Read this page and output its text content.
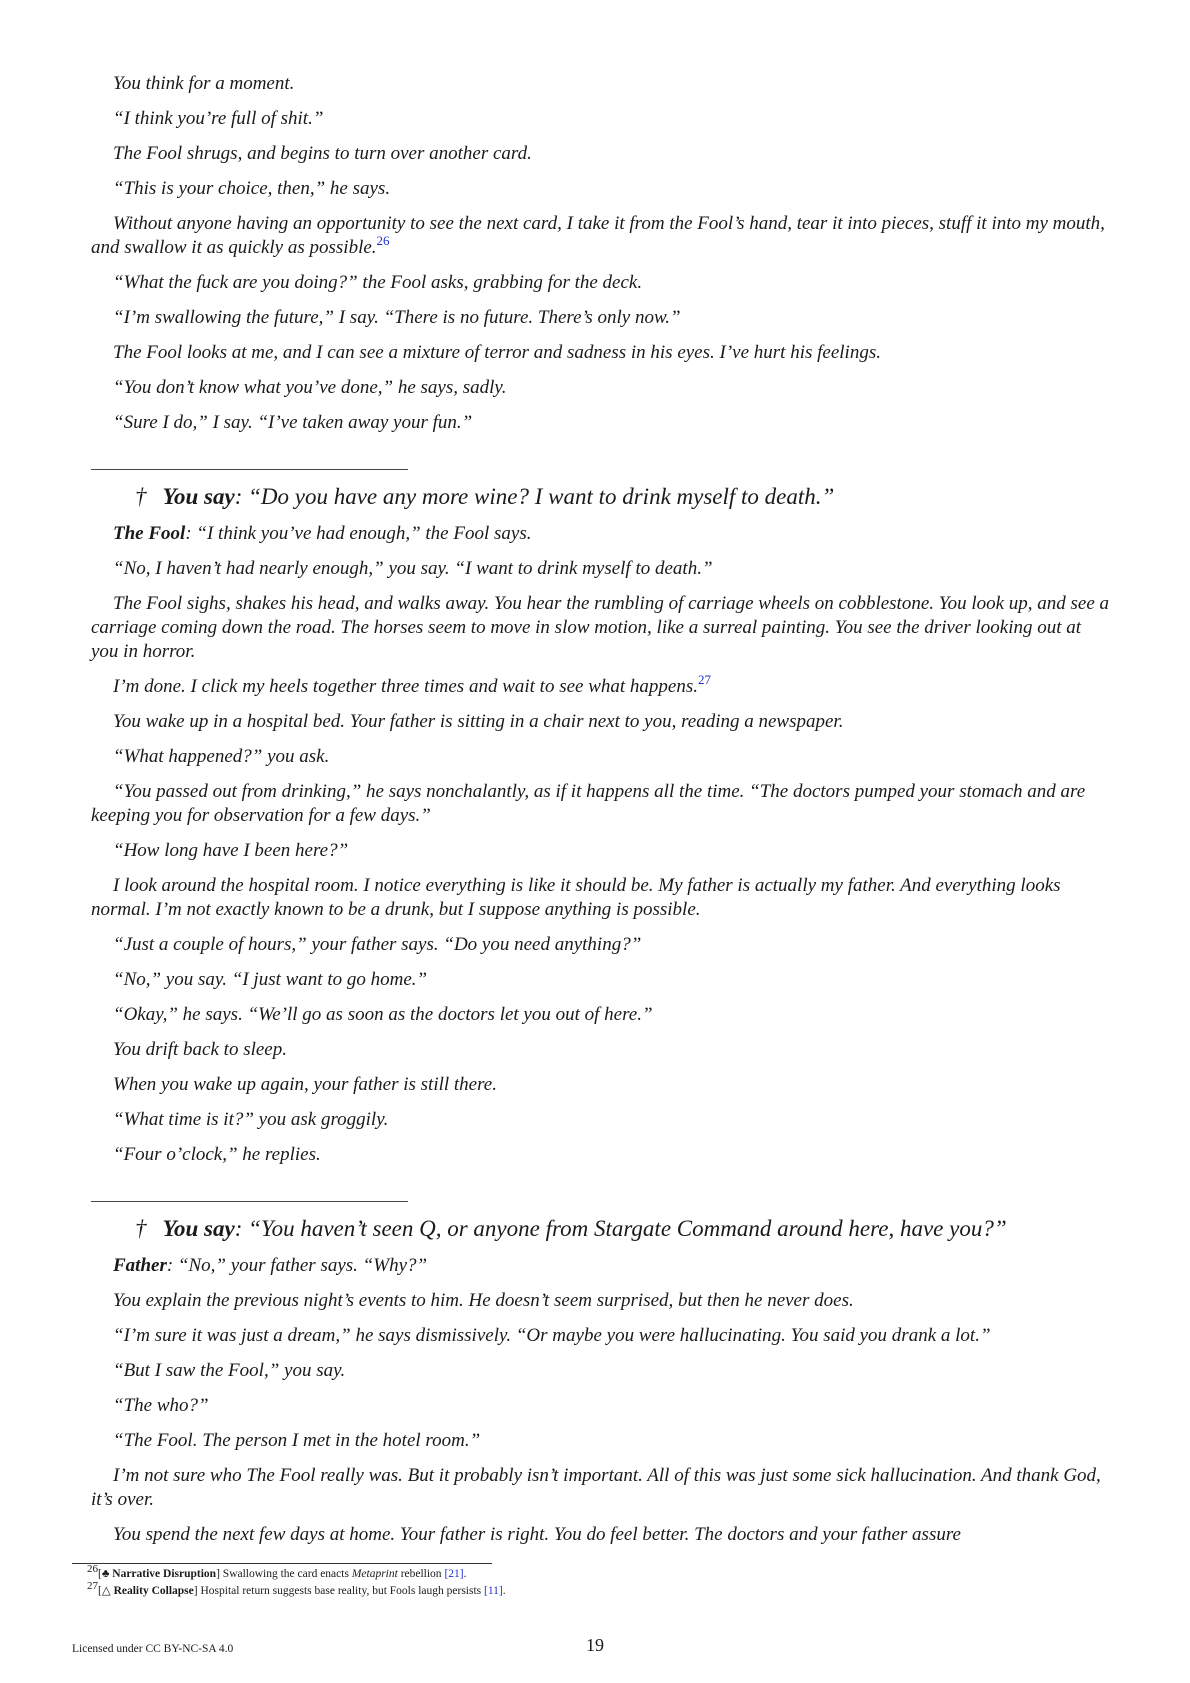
You think for a moment.

“I think you’re full of shit.”

The Fool shrugs, and begins to turn over another card.

“This is your choice, then,” he says.

Without anyone having an opportunity to see the next card, I take it from the Fool’s hand, tear it into pieces, stuff it into my mouth, and swallow it as quickly as possible.$^{26}$

“What the fuck are you doing?” the Fool asks, grabbing for the deck.

“I’m swallowing the future,” I say. “There is no future. There’s only now.”

The Fool looks at me, and I can see a mixture of terror and sadness in his eyes. I’ve hurt his feelings.

“You don’t know what you’ve done,” he says, sadly.

“Sure I do,” I say. “I’ve taken away your fun.”

† You say: “Do you have any more wine? I want to drink myself to death.”

The Fool: “I think you’ve had enough,” the Fool says.

“No, I haven’t had nearly enough,” you say. “I want to drink myself to death.”

The Fool sighs, shakes his head, and walks away. You hear the rumbling of carriage wheels on cobblestone. You look up, and see a carriage coming down the road. The horses seem to move in slow motion, like a surreal painting. You see the driver looking out at you in horror.

I’m done. I click my heels together three times and wait to see what happens.$^{27}$

You wake up in a hospital bed. Your father is sitting in a chair next to you, reading a newspaper.

“What happened?” you ask.

“You passed out from drinking,” he says nonchalantly, as if it happens all the time. “The doctors pumped your stomach and are keeping you for observation for a few days.”

“How long have I been here?”

I look around the hospital room. I notice everything is like it should be. My father is actually my father. And everything looks normal. I’m not exactly known to be a drunk, but I suppose anything is possible.

“Just a couple of hours,” your father says. “Do you need anything?”

“No,” you say. “I just want to go home.”

“Okay,” he says. “We’ll go as soon as the doctors let you out of here.”

You drift back to sleep.

When you wake up again, your father is still there.

“What time is it?” you ask groggily.

“Four o’clock,” he replies.

† You say: “You haven’t seen Q, or anyone from Stargate Command around here, have you?”

Father: “No,” your father says. “Why?”

You explain the previous night’s events to him. He doesn’t seem surprised, but then he never does.

“I’m sure it was just a dream,” he says dismissively. “Or maybe you were hallucinating. You said you drank a lot.”

“But I saw the Fool,” you say.

“The who?”

“The Fool. The person I met in the hotel room.”

I’m not sure who The Fool really was. But it probably isn’t important. All of this was just some sick hallucination. And thank God, it’s over.

You spend the next few days at home. Your father is right. You do feel better. The doctors and your father assure

$^{26}$[♣ Narrative Disruption] Swallowing the card enacts Metaprint rebellion [21].
$^{27}$[△ Reality Collapse] Hospital return suggests base reality, but Fools laugh persists [11].
Licensed under CC BY-NC-SA 4.0	19
